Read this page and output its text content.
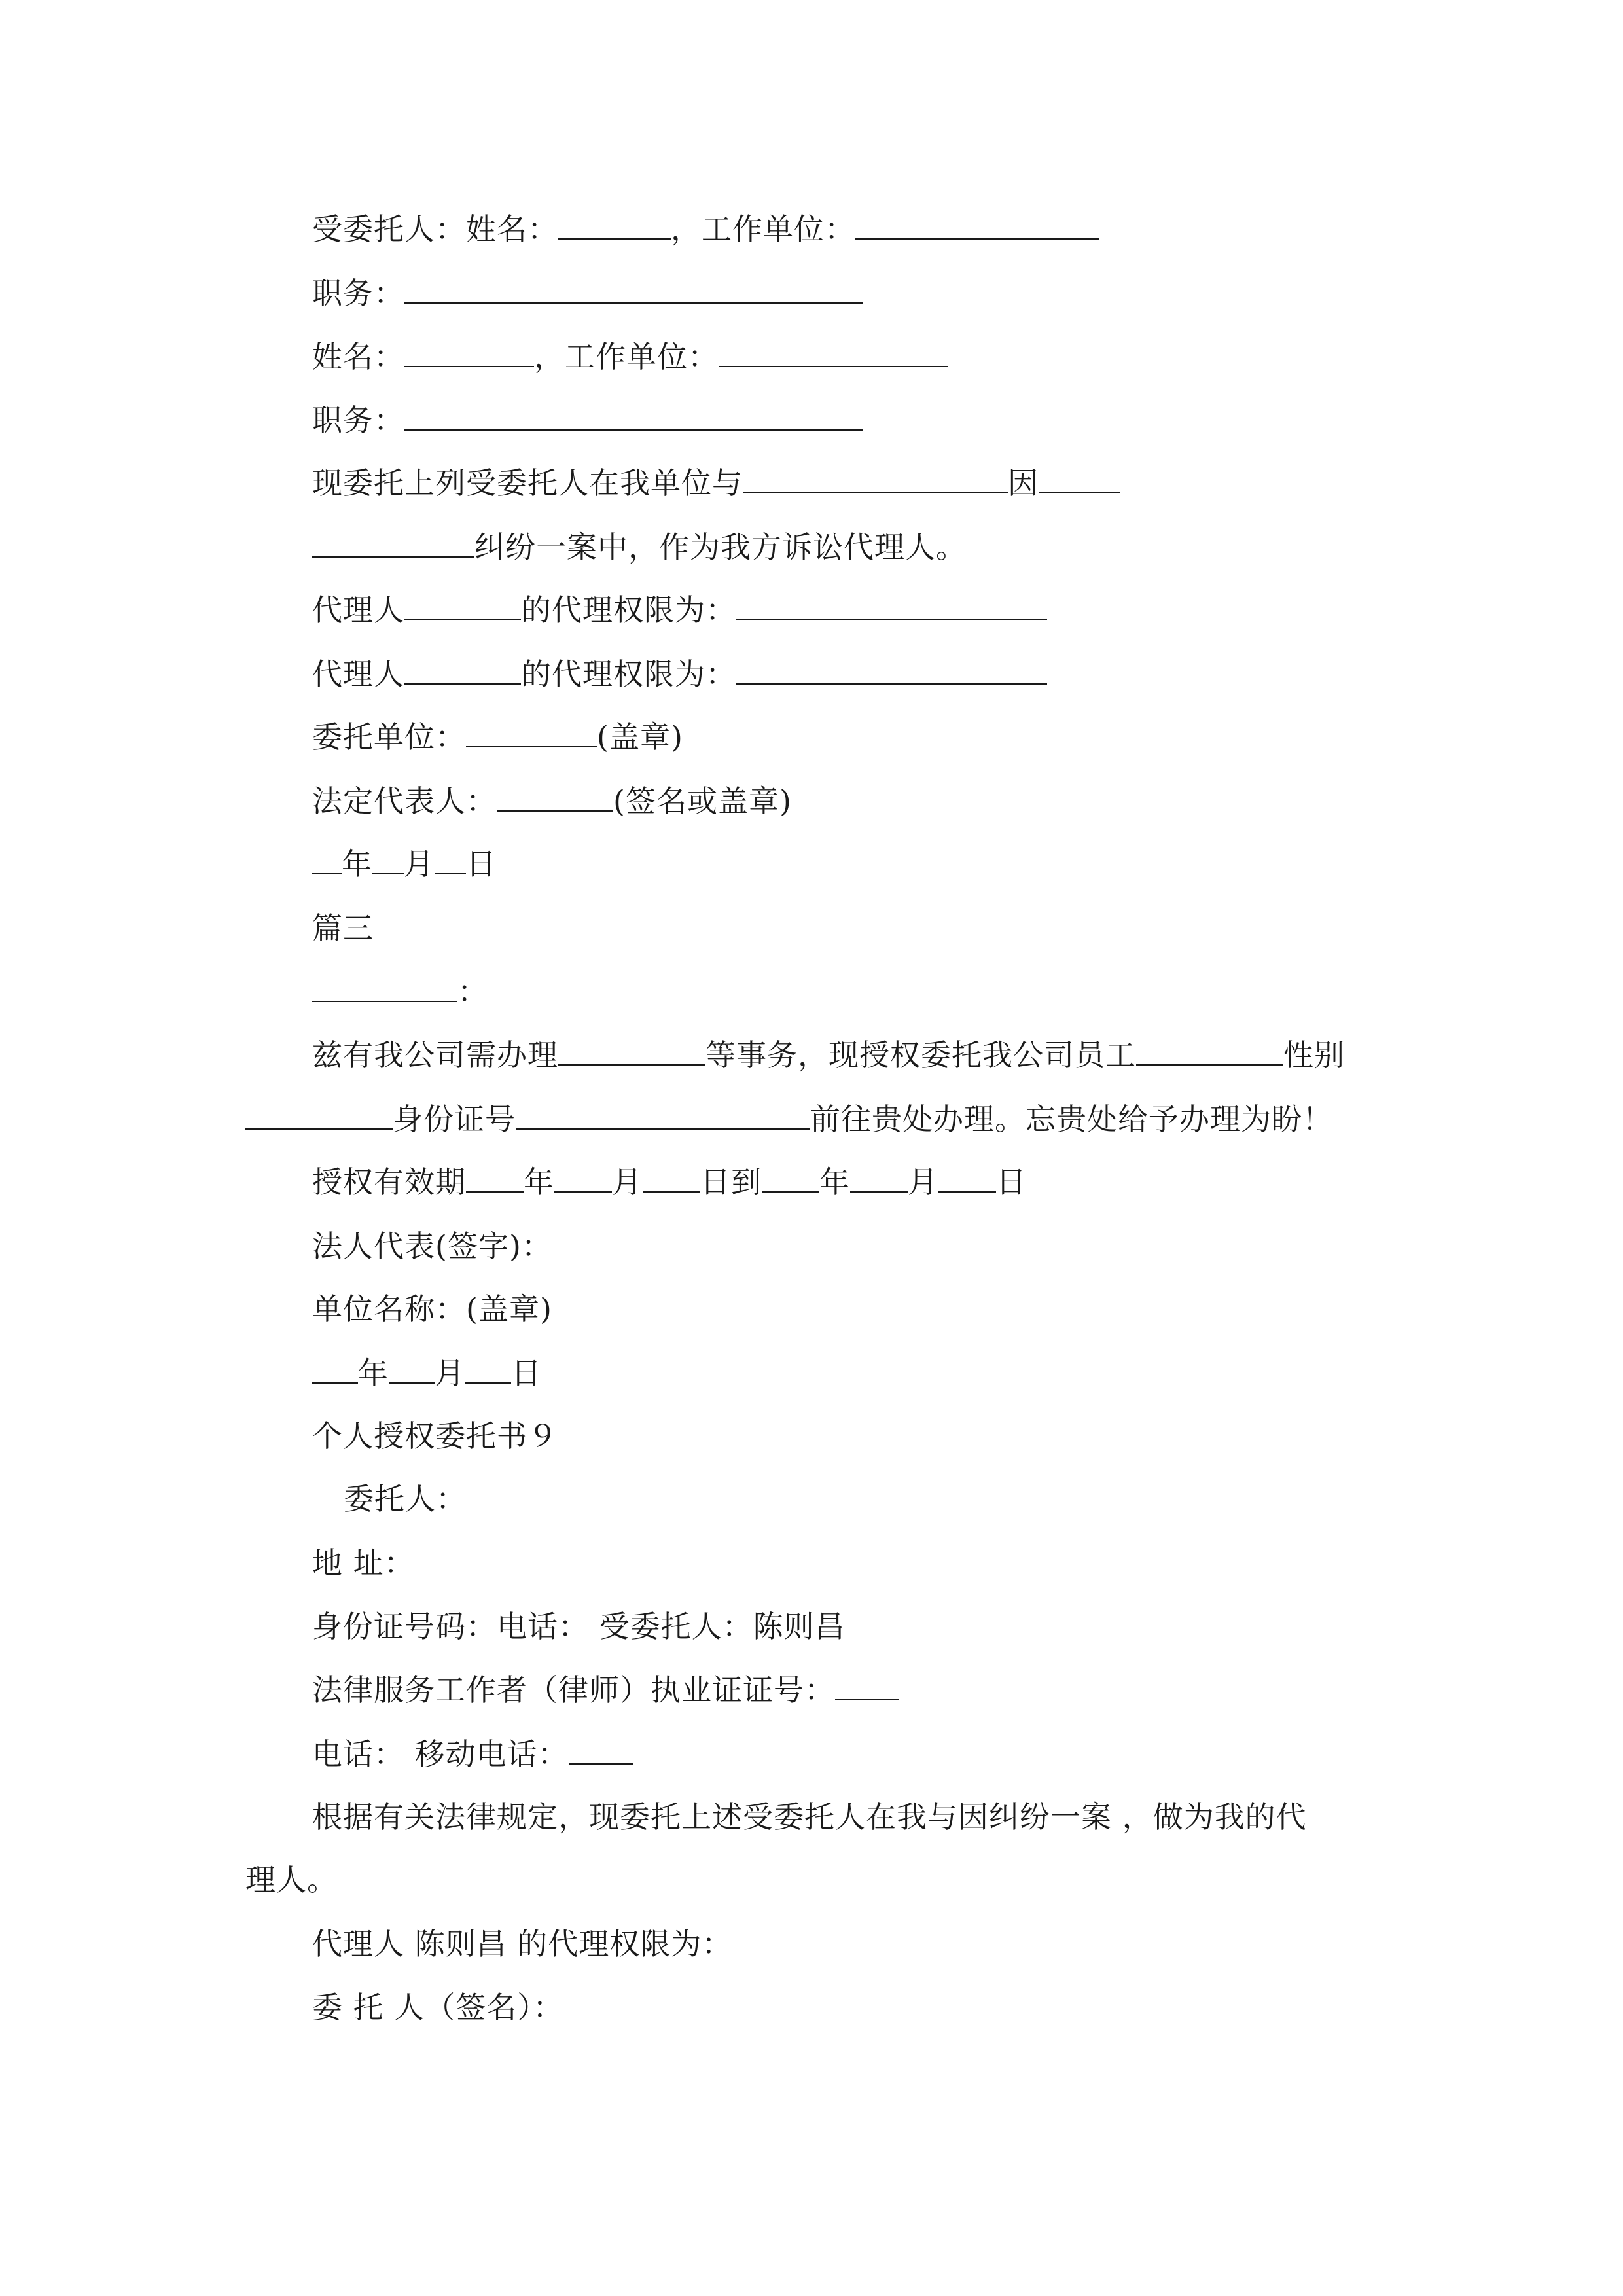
受委托人：姓名：	，工作单位：
职务：
姓名：	，工作单位：
职务：
现委托上列受委托人在我单位与	因
纠纷一案中，作为我方诉讼代理人。
代理人	的代理权限为：
代理人	的代理权限为：
委托单位：	(盖章)
法定代表人：	(签名或盖章)
年 月 日
篇三
：
兹有我公司需办理	等事务，现授权委托我公司员工	性别
身份证号	前往贵处办理。忘贵处给予办理为盼！
授权有效期 年 月 日到 年 月 日
法人代表(签字)：
单位名称：(盖章)
年 月 日
个人授权委托书９
委托人：
地 址：
身份证号码：电话： 受委托人：陈则昌
法律服务工作者（律师）执业证证号：
电话： 移动电话：
根据有关法律规定，现委托上述受委托人在我与因纠纷一案 ，做为我的代
理人。
代理人 陈则昌 的代理权限为：
委 托 人（签名）：
